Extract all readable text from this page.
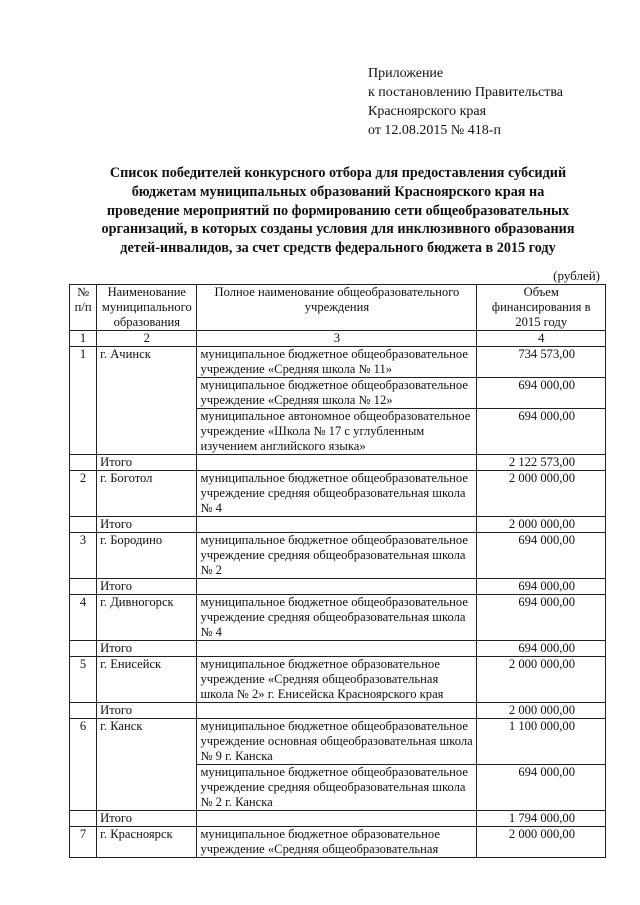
Приложение
к постановлению Правительства
Красноярского края
от 12.08.2015 № 418-п
Список победителей конкурсного отбора для предоставления субсидий
бюджетам муниципальных образований Красноярского края на
проведение мероприятий по формированию сети общеобразовательных
организаций, в которых созданы условия для инклюзивного образования
детей-инвалидов, за счет средств федерального бюджета в 2015 году
(рублей)
№ п/п	Наименование муниципального образования	Полное наименование общеобразовательного учреждения	Объем финансирования в 2015 году
1	2	3	4
1	г. Ачинск	муниципальное бюджетное общеобразовательное учреждение «Средняя школа № 11»	734 573,00
		муниципальное бюджетное общеобразовательное учреждение «Средняя школа № 12»	694 000,00
		муниципальное автономное общеобразовательное учреждение «Школа № 17 с углубленным изучением английского языка»	694 000,00
	Итого		2 122 573,00
2	г. Боготол	муниципальное бюджетное общеобразовательное учреждение средняя общеобразовательная школа № 4	2 000 000,00
	Итого		2 000 000,00
3	г. Бородино	муниципальное бюджетное общеобразовательное учреждение средняя общеобразовательная школа № 2	694 000,00
	Итого		694 000,00
4	г. Дивногорск	муниципальное бюджетное общеобразовательное учреждение средняя общеобразовательная школа № 4	694 000,00
	Итого		694 000,00
5	г. Енисейск	муниципальное бюджетное образовательное учреждение «Средняя общеобразовательная школа № 2» г. Енисейска Красноярского края	2 000 000,00
	Итого		2 000 000,00
6	г. Канск	муниципальное бюджетное общеобразовательное учреждение основная общеобразовательная школа № 9 г. Канска	1 100 000,00
		муниципальное бюджетное общеобразовательное учреждение средняя общеобразовательная школа № 2 г. Канска	694 000,00
	Итого		1 794 000,00
7	г. Красноярск	муниципальное бюджетное образовательное учреждение «Средняя общеобразовательная	2 000 000,00
